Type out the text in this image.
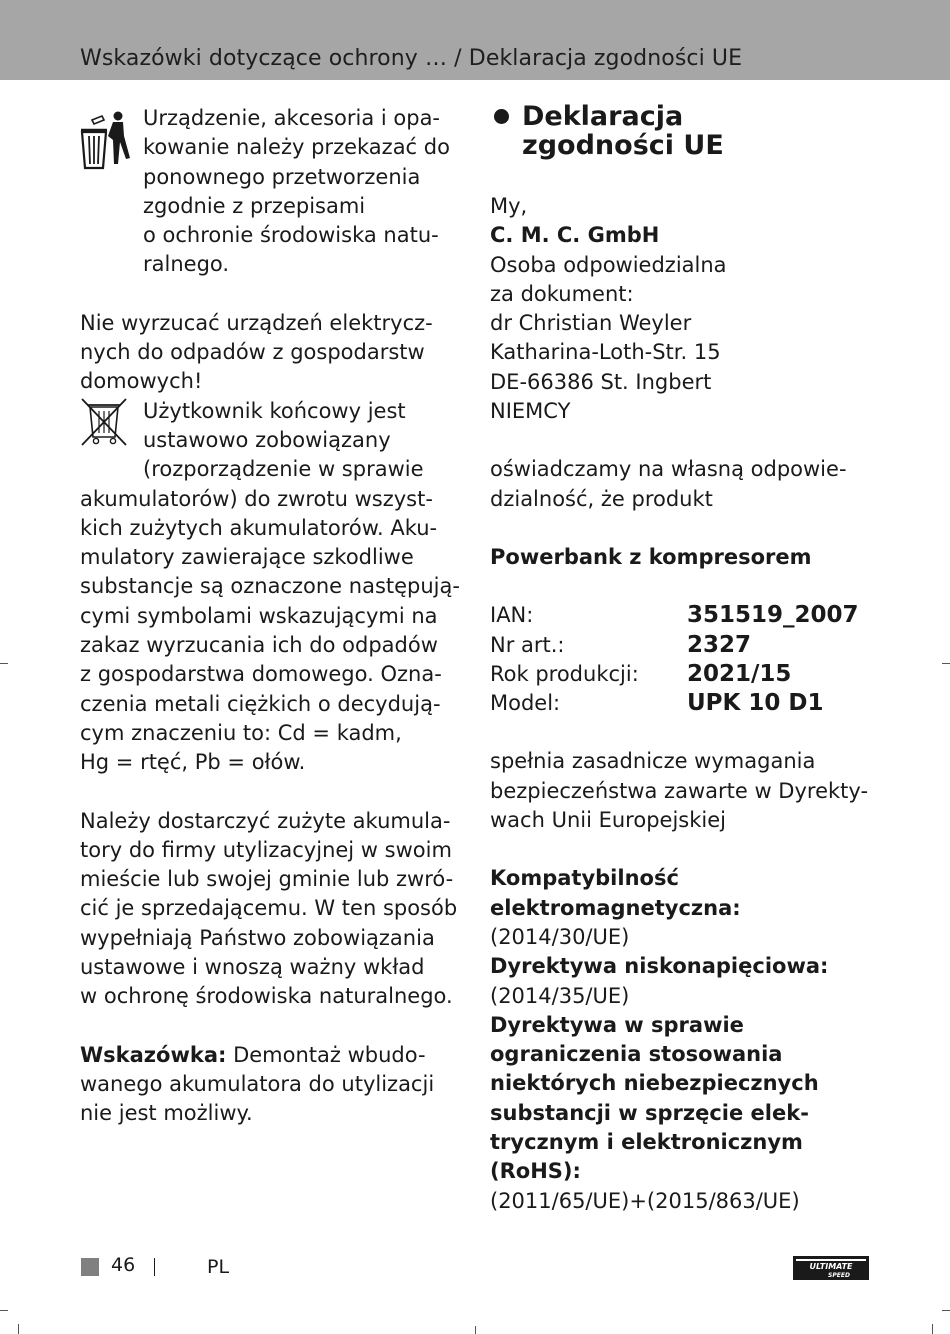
Wskazówki dotyczące ochrony … / Deklaracja zgodności UE

Urządzenie, akcesoria i opa-

kowanie należy przekazać do

ponownego przetworzenia

zgodnie z przepisami

o ochronie środowiska natu-

ralnego.

Nie wyrzucać urządzeń elektrycz-

nych do odpadów z gospodarstw

domowych!

Użytkownik końcowy jest

ustawowo zobowiązany

(rozporządzenie w sprawie

akumulatorów) do zwrotu wszyst-

kich zużytych akumulatorów. Aku-

mulatory zawierające szkodliwe

substancje są oznaczone następują-

cymi symbolami wskazującymi na

zakaz wyrzucania ich do odpadów

z gospodarstwa domowego. Ozna-

czenia metali ciężkich o decydują-

cym znaczeniu to: Cd = kadm,

Hg = rtęć, Pb = ołów.

Należy dostarczyć zużyte akumula-

tory do firmy utylizacyjnej w swoim

mieście lub swojej gminie lub zwró-

cić je sprzedającemu. W ten sposób

wypełniają Państwo zobowiązania

ustawowe i wnoszą ważny wkład

w ochronę środowiska naturalnego.

Wskazówka: Demontaż wbudo-

wanego akumulatora do utylizacji

nie jest możliwy.

Deklaracja

zgodności UE

My,

C. M. C. GmbH

Osoba odpowiedzialna

za dokument:

dr Christian Weyler

Katharina-Loth-Str. 15

DE-66386 St. Ingbert

NIEMCY

oświadczamy na własną odpowie-

dzialność, że produkt

Powerbank z kompresorem

IAN:	351519_2007
Nr art.:	2327
Rok produkcji:	2021/15
Model:	UPK 10 D1

spełnia zasadnicze wymagania

bezpieczeństwa zawarte w Dyrekty-

wach Unii Europejskiej

Kompatybilność

elektromagnetyczna:

(2014/30/UE)

Dyrektywa niskonapięciowa:

(2014/35/UE)

Dyrektywa w sprawie

ograniczenia stosowania

niektórych niebezpiecznych

substancji w sprzęcie elek-

trycznym i elektronicznym

(RoHS):

(2011/65/UE)+(2015/863/UE)

46	PL	ULTIMATE
SPEED
